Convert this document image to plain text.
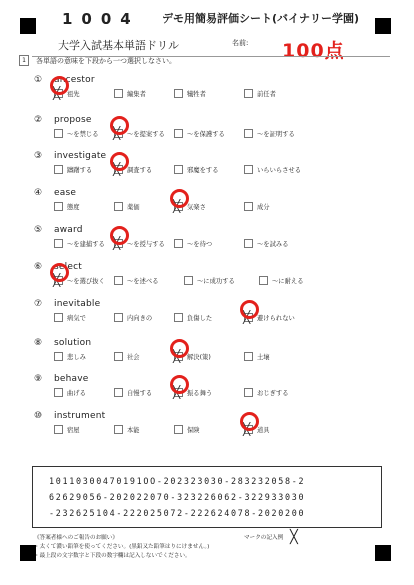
1004 デモ用簡易評価シート(バイナリー学園)
大学入試基本単語ドリル	名前: 100点
1	各単語の意味を下段から一つ選択しなさい。
① ancestor
╳ 祖先	編集者	犠牲者	前任者
② propose
～を禁じる ╳ ～を提案する	～を保護する	～を証明する
③ investigate
躊躇する ╳ 調査する	邪魔をする	いらいらさせる
④ ease
態度	薬価	╳ 気楽さ	成分
⑤ award
～を建捕する ╳ ～を授与する	～を待つ	～を試みる
⑥ select
╳ ～を選び抜く	～を述べる	～に成功する	～に耐える
⑦ inevitable
病気で	内向きの	負傷した	╳ 避けられない
⑧ solution
悲しみ	社会	╳ 解決(策)	土壌
⑨ behave
曲げる	自慢する ╳ 振る舞う	おじぎする
⑩ instrument
宿屋	本能	保険	╳ 道具
10110300470191OO-202323030-283232058-2
62629056-202022070-323226062-322933030
-232625104-222025072-222624078-2020200
《答案者様へのご報告のお願い》
・太くて濃い鉛筆を使ってください。(黒鉛又た鉛筆はりにけません。)
・最上段の文字数字と下段の数字欄は記入しないでください。
マークの記入例 ╳
